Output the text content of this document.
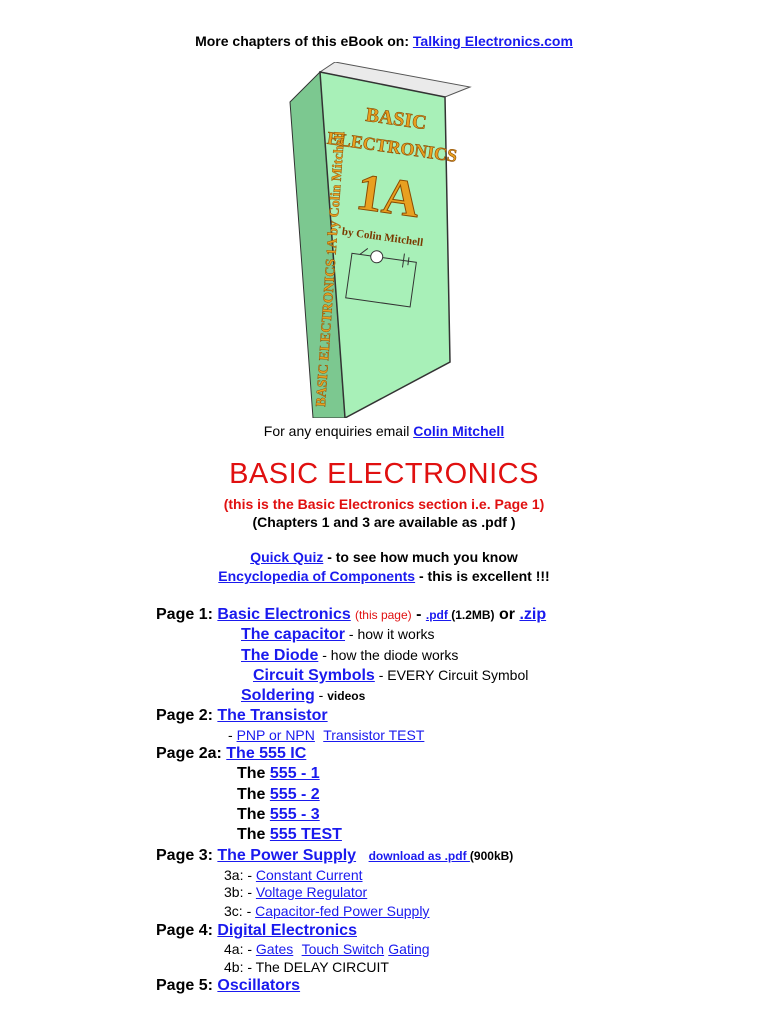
More chapters of this eBook on: Talking Electronics.com
BASIC
ELECTRONICS
1A
by Colin Mitchell
BASIC ELECTRONICS 1A by Colin Mitchell
For any enquiries email Colin Mitchell
BASIC ELECTRONICS
(this is the Basic Electronics section i.e. Page 1)
(Chapters 1 and 3 are available as .pdf )
Quick Quiz - to see how much you know
Encyclopedia of Components - this is excellent !!!
Page 1: Basic Electronics (this page) - .pdf (1.2MB) or .zip
The capacitor - how it works
The Diode - how the diode works
Circuit Symbols - EVERY Circuit Symbol
Soldering - videos
Page 2: The Transistor
- PNP or NPN Transistor TEST
Page 2a: The 555 IC
The 555 - 1
The 555 - 2
The 555 - 3
The 555 TEST
Page 3: The Power Supply download as .pdf (900kB)
3a: - Constant Current
3b: - Voltage Regulator
3c: - Capacitor-fed Power Supply
Page 4: Digital Electronics
4a: - Gates Touch Switch Gating
4b: - The DELAY CIRCUIT
Page 5: Oscillators
